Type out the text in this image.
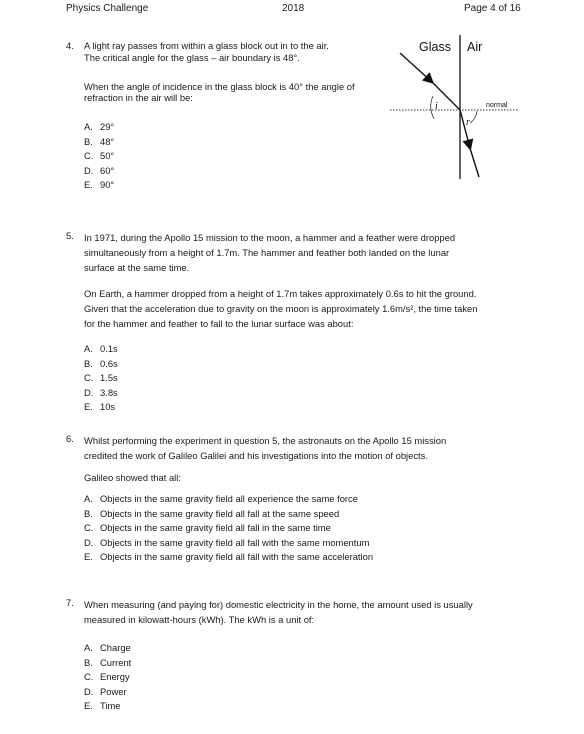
Physics Challenge	2018	Page 4 of 16
4. A light ray passes from within a glass block out in to the air.
The critical angle for the glass – air boundary is 48°.
When the angle of incidence in the glass block is 40° the angle of
refraction in the air will be:
A. 29°
B. 48°
C. 50°
D. 60°
E. 90°
Glass Air
normal
i
r
5. In 1971, during the Apollo 15 mission to the moon, a hammer and a feather were dropped
simultaneously from a height of 1.7m. The hammer and feather both landed on the lunar
surface at the same time.
On Earth, a hammer dropped from a height of 1.7m takes approximately 0.6s to hit the ground.
Given that the acceleration due to gravity on the moon is approximately 1.6m/s², the time taken
for the hammer and feather to fall to the lunar surface was about:
A. 0.1s
B. 0.6s
C. 1.5s
D. 3.8s
E. 10s
6. Whilst performing the experiment in question 5, the astronauts on the Apollo 15 mission
credited the work of Galileo Galilei and his investigations into the motion of objects.
Galileo showed that all:
A. Objects in the same gravity field all experience the same force
B. Objects in the same gravity field all fall at the same speed
C. Objects in the same gravity field all fall in the same time
D. Objects in the same gravity field all fall with the same momentum
E. Objects in the same gravity field all fall with the same acceleration
7. When measuring (and paying for) domestic electricity in the home, the amount used is usually
measured in kilowatt-hours (kWh). The kWh is a unit of:
A. Charge
B. Current
C. Energy
D. Power
E. Time
